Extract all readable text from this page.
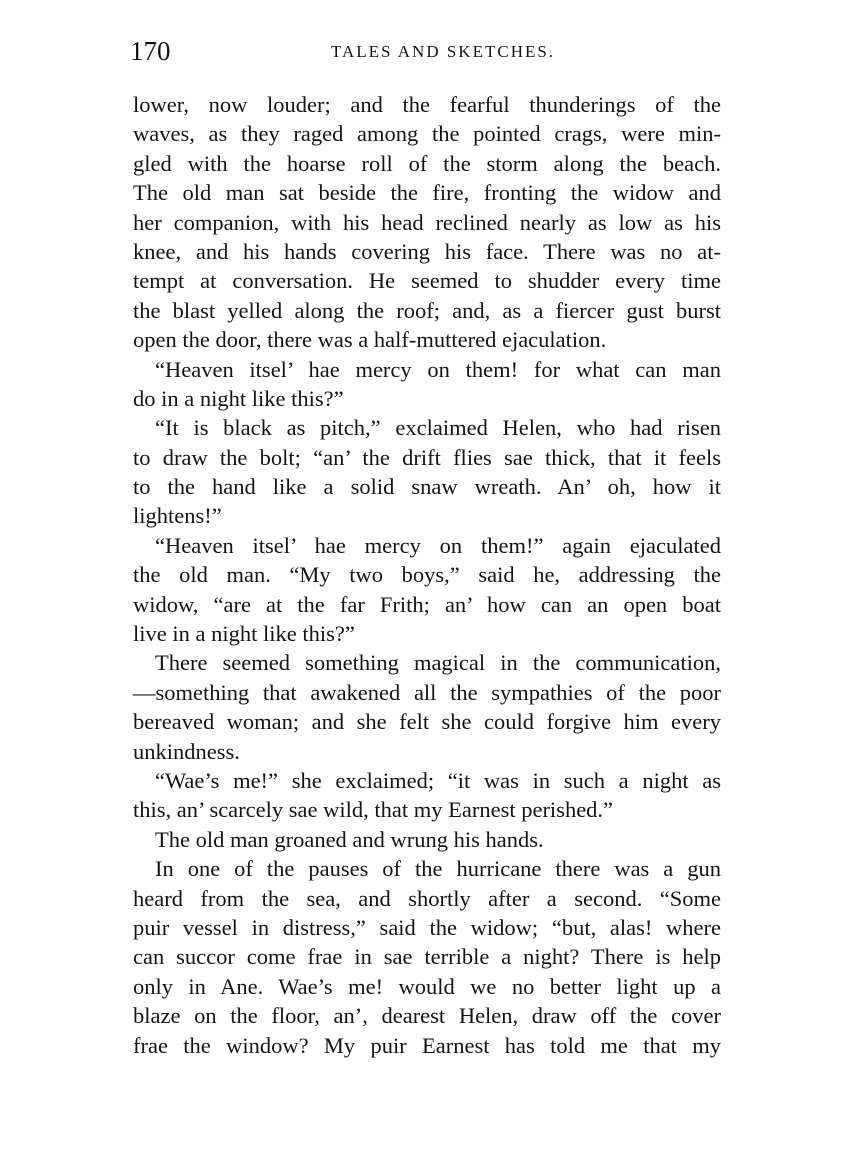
170	TALES AND SKETCHES.
lower, now louder; and the fearful thunderings of the
waves, as they raged among the pointed crags, were min-
gled with the hoarse roll of the storm along the beach.
The old man sat beside the fire, fronting the widow and
her companion, with his head reclined nearly as low as his
knee, and his hands covering his face. There was no at-
tempt at conversation. He seemed to shudder every time
the blast yelled along the roof; and, as a fiercer gust burst
open the door, there was a half-muttered ejaculation.
“Heaven itsel’ hae mercy on them! for what can man
do in a night like this?”
“It is black as pitch,” exclaimed Helen, who had risen
to draw the bolt; “an’ the drift flies sae thick, that it feels
to the hand like a solid snaw wreath. An’ oh, how it
lightens!”
“Heaven itsel’ hae mercy on them!” again ejaculated
the old man. “My two boys,” said he, addressing the
widow, “are at the far Frith; an’ how can an open boat
live in a night like this?”
There seemed something magical in the communication,
—something that awakened all the sympathies of the poor
bereaved woman; and she felt she could forgive him every
unkindness.
“Wae’s me!” she exclaimed; “it was in such a night as
this, an’ scarcely sae wild, that my Earnest perished.”
The old man groaned and wrung his hands.
In one of the pauses of the hurricane there was a gun
heard from the sea, and shortly after a second. “Some
puir vessel in distress,” said the widow; “but, alas! where
can succor come frae in sae terrible a night? There is help
only in Ane. Wae’s me! would we no better light up a
blaze on the floor, an’, dearest Helen, draw off the cover
frae the window? My puir Earnest has told me that my
